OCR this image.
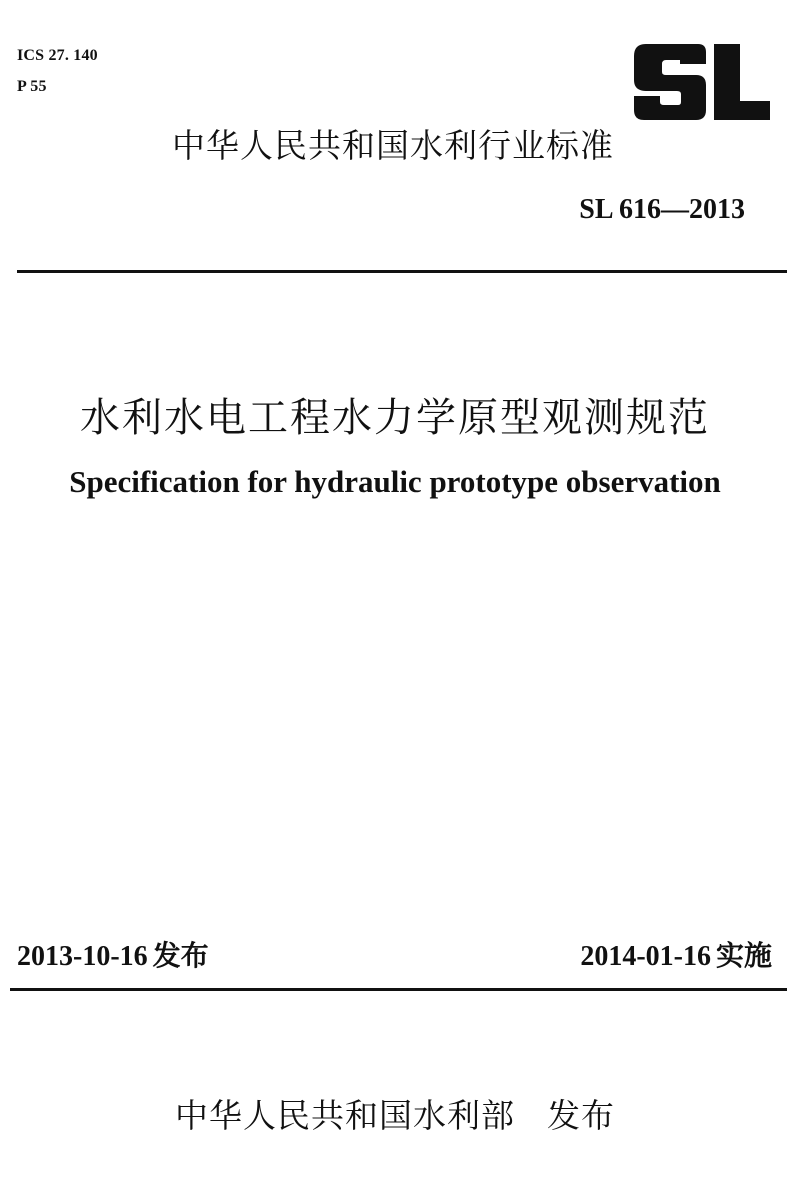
ICS 27. 140
P 55
中华人民共和国水利行业标准
SL 616—2013
水利水电工程水力学原型观测规范
Specification for hydraulic prototype observation
2013-10-16 发布	2014-01-16 实施
中华人民共和国水利部 发布
